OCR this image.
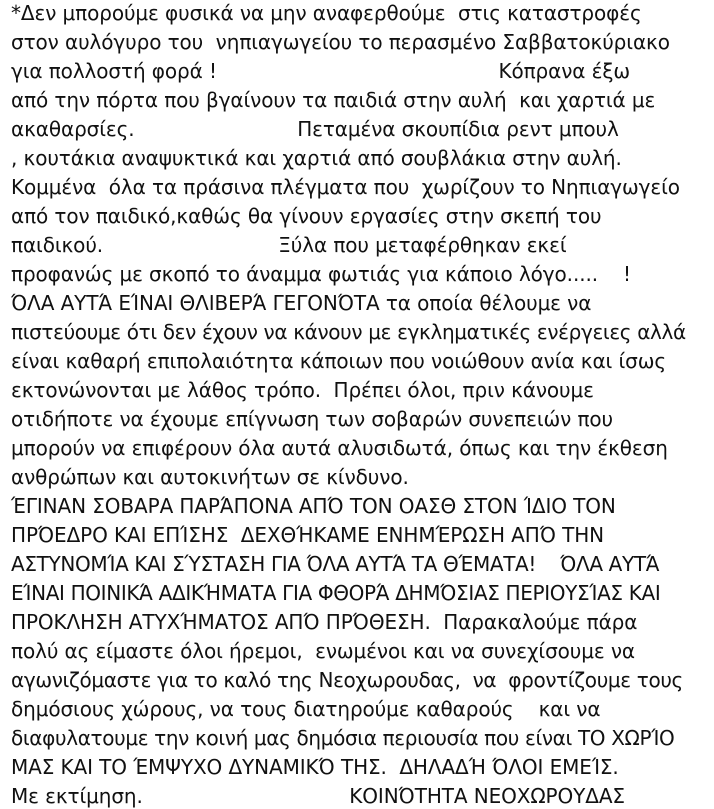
*Δεν μπορούμε φυσικά να μην αναφερθούμε  στις καταστροφές
στον αυλόγυρο του  νηπιαγωγείου το περασμένο Σαββατοκύριακο
για πολλοστή φορά !                                             Κόπρανα έξω
από την πόρτα που βγαίνουν τα παιδιά στην αυλή  και χαρτιά με
ακαθαρσίες.                          Πεταμένα σκουπίδια ρεντ μπουλ
, κουτάκια αναψυκτικά και χαρτιά από σουβλάκια στην αυλή.
Κομμένα  όλα τα πράσινα πλέγματα που  χωρίζουν το Νηπιαγωγείο
από τον παιδικό,καθώς θα γίνουν εργασίες στην σκεπή του
παιδικού.                            Ξύλα που μεταφέρθηκαν εκεί
προφανώς με σκοπό το άναμμα φωτιάς για κάποιο λόγο.....    !
ΌΛΑ ΑΥΤΆ ΕΊΝΑΙ ΘΛΙΒΕΡΆ ΓΕΓΟΝΌΤΑ τα οποία θέλουμε να
πιστεύουμε ότι δεν έχουν να κάνουν με εγκληματικές ενέργειες αλλά
είναι καθαρή επιπολαιότητα κάποιων που νοιώθουν ανία και ίσως
εκτονώνονται με λάθος τρόπο.  Πρέπει όλοι, πριν κάνουμε
οτιδήποτε να έχουμε επίγνωση των σοβαρών συνεπειών που
μπορούν να επιφέρουν όλα αυτά αλυσιδωτά, όπως και την έκθεση
ανθρώπων και αυτοκινήτων σε κίνδυνο.
ΈΓΙΝΑΝ ΣΟΒΑΡΑ ΠΑΡΆΠΟΝΑ ΑΠΌ ΤΟΝ ΟΑΣΘ ΣΤΟΝ ΊΔΙΟ ΤΟΝ
ΠΡΌΕΔΡΟ ΚΑΙ ΕΠΊΣΗΣ  ΔΕΧΘΉΚΑΜΕ ΕΝΗΜΈΡΩΣΗ ΑΠΌ ΤΗΝ
ΑΣΤΥΝΟΜΊΑ ΚΑΙ ΣΎΣΤΑΣΗ ΓΙΑ ΌΛΑ ΑΥΤΆ ΤΑ ΘΈΜΑΤΑ!    ΌΛΑ ΑΥΤΆ
ΕΊΝΑΙ ΠΟΙΝΙΚΆ ΑΔΙΚΉΜΑΤΑ ΓΙΑ ΦΘΟΡΆ ΔΗΜΌΣΙΑΣ ΠΕΡΙΟΥΣΊΑΣ ΚΑΙ
ΠΡΟΚΛΗΣΗ ΑΤΥΧΉΜΑΤΟΣ ΑΠΌ ΠΡΌΘΕΣΗ.  Παρακαλούμε πάρα
πολύ ας είμαστε όλοι ήρεμοι,  ενωμένοι και να συνεχίσουμε να
αγωνιζόμαστε για το καλό της Νεοχωρουδας,  να  φροντίζουμε τους
δημόσιους χώρους, να τους διατηρούμε καθαρούς    και να
διαφυλατουμε την κοινή μας δημόσια περιουσία που είναι ΤΟ ΧΩΡΊΟ
ΜΑΣ ΚΑΙ ΤΟ ΈΜΨΥΧΟ ΔΥΝΑΜΙΚΌ ΤΗΣ.  ΔΗΛΑΔΉ ΌΛΟΙ ΕΜΕΊΣ.
Με εκτίμηση.                                 ΚΟΙΝΌΤΗΤΑ ΝΕΟΧΩΡΟΥΔΑΣ
